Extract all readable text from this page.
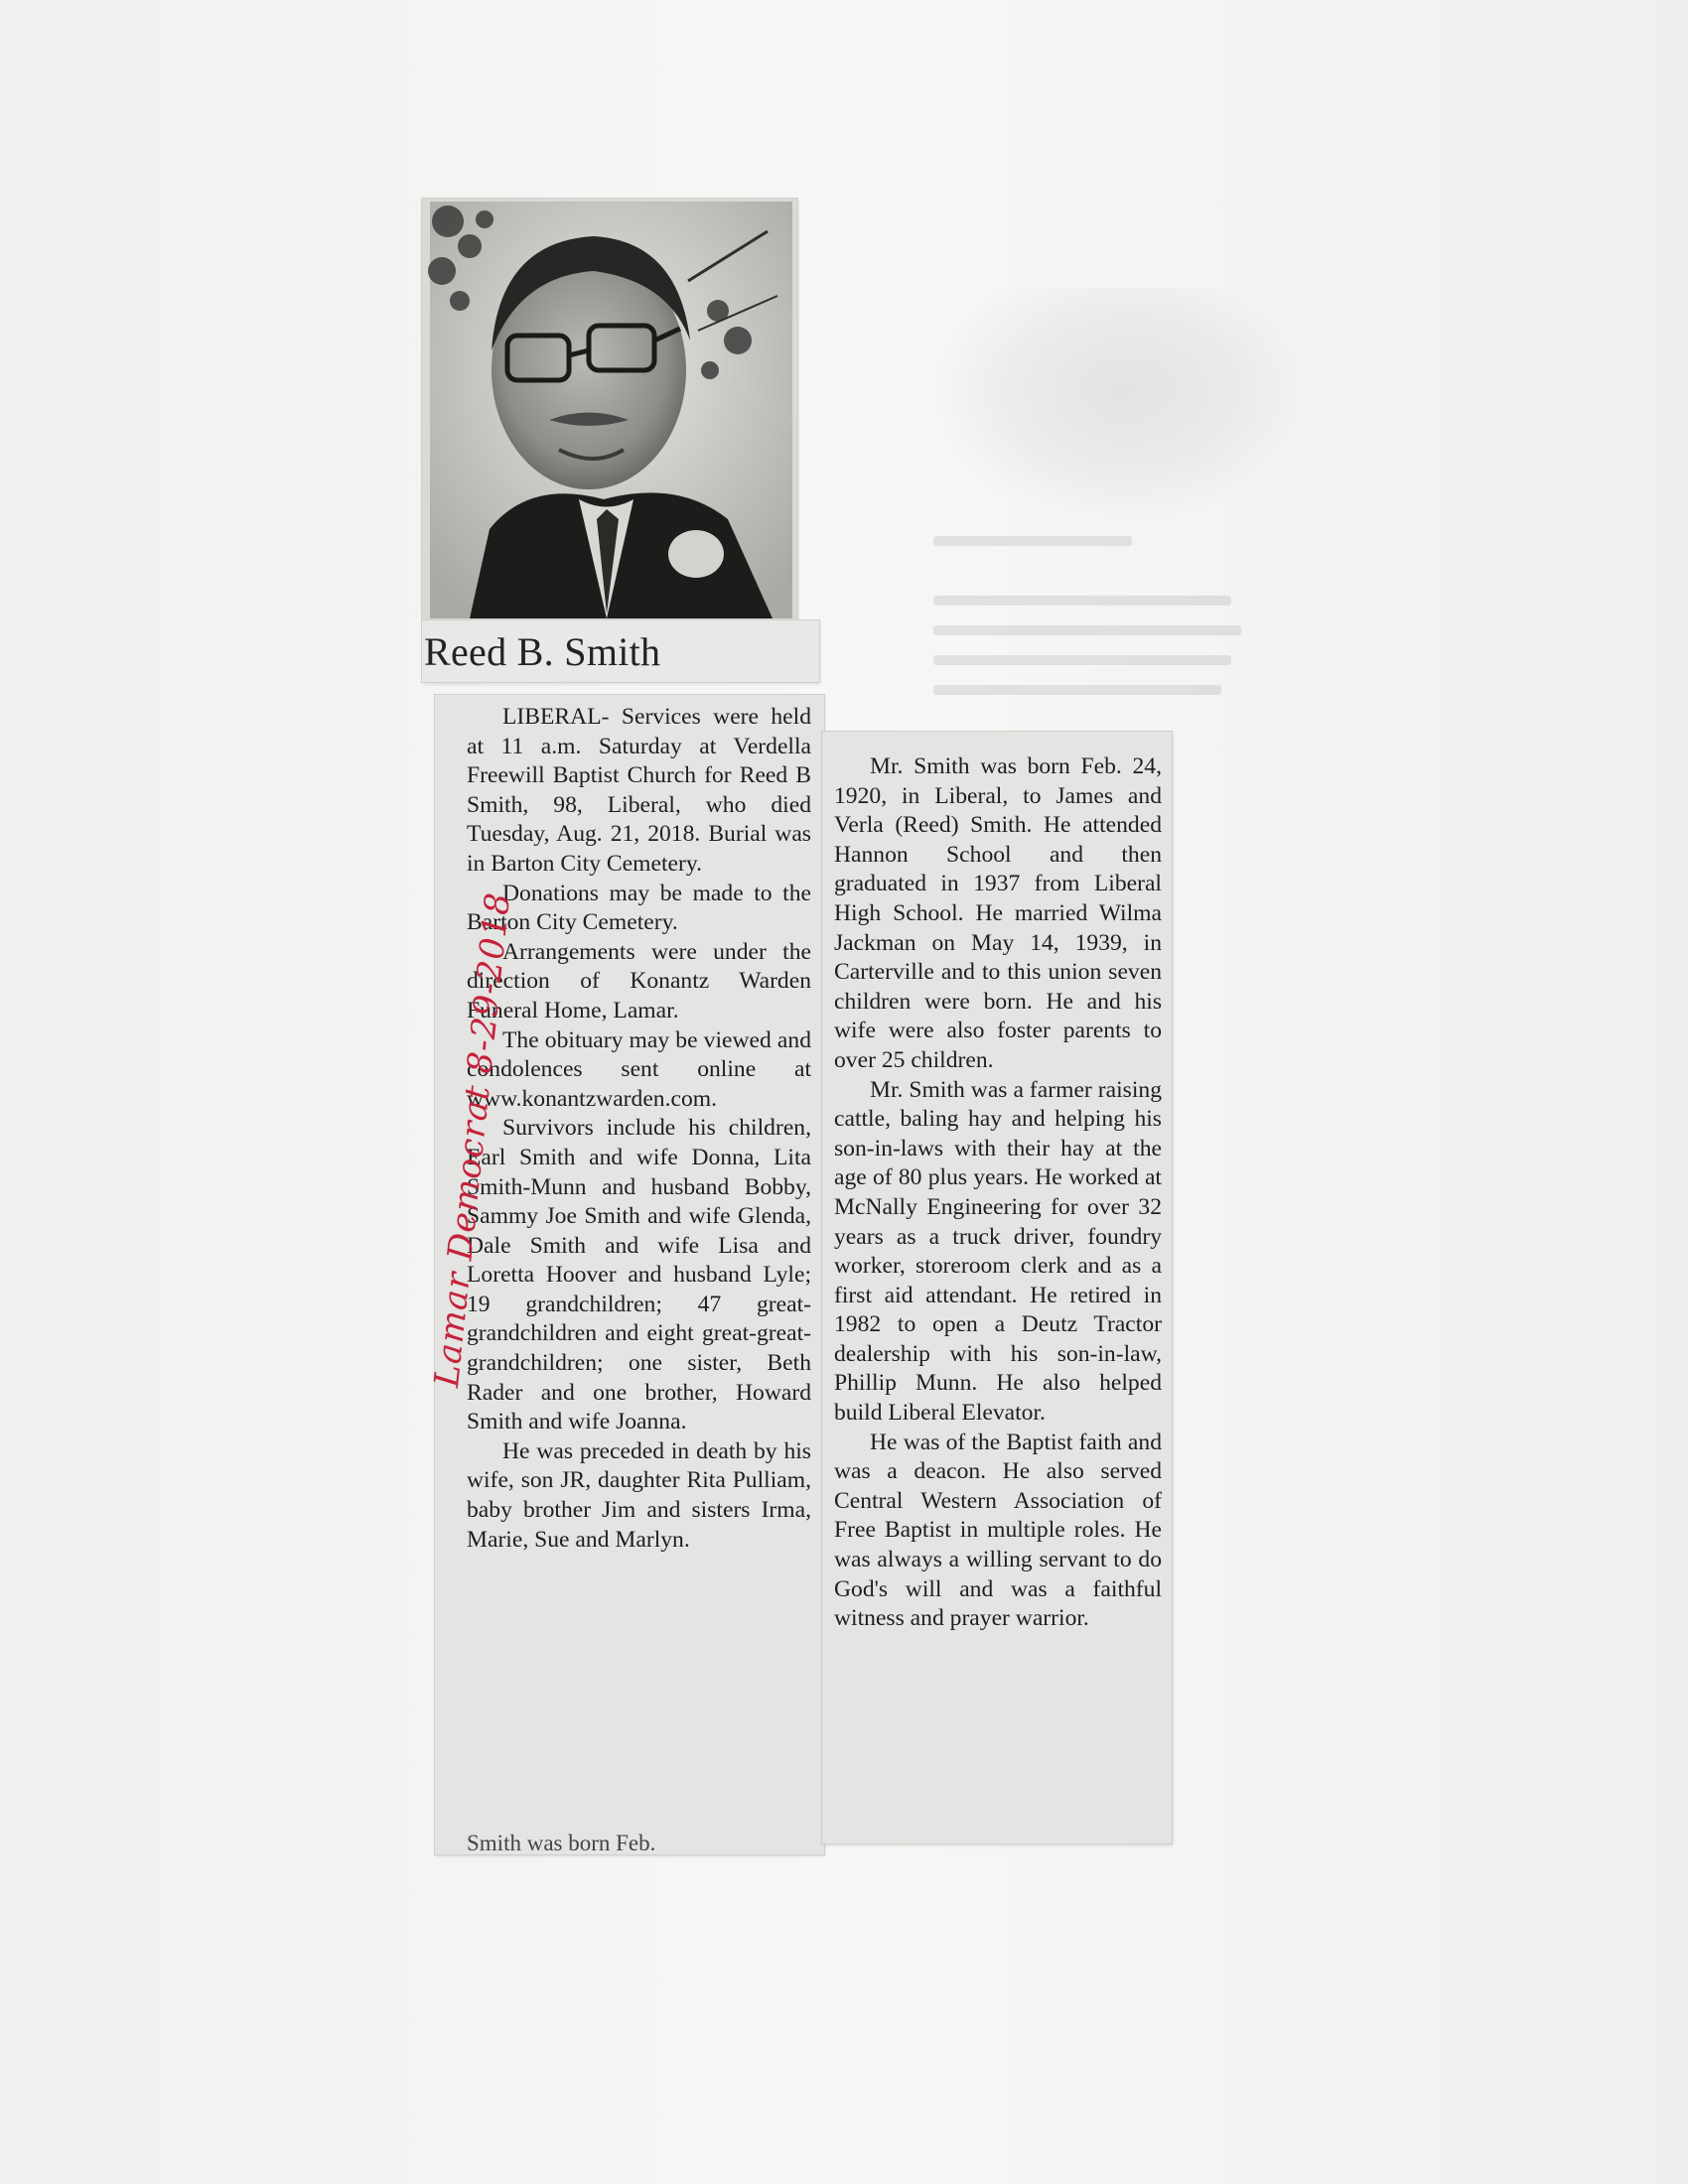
Reed B. Smith

LIBERAL- Services were held at 11 a.m. Saturday at Verdella Freewill Baptist Church for Reed B Smith, 98, Liberal, who died Tuesday, Aug. 21, 2018. Burial was in Barton City Cemetery.

Donations may be made to the Barton City Cemetery.

Arrangements were under the direction of Konantz Warden Funeral Home, Lamar.

The obituary may be viewed and condolences sent online at www.konantzwarden.com.

Survivors include his children, Earl Smith and wife Donna, Lita Smith-Munn and husband Bobby, Sammy Joe Smith and wife Glenda, Dale Smith and wife Lisa and Loretta Hoover and husband Lyle; 19 grandchildren; 47 great-grandchildren and eight great-great-grandchildren; one sister, Beth Rader and one brother, Howard Smith and wife Joanna.

He was preceded in death by his wife, son JR, daughter Rita Pulliam, baby brother Jim and sisters Irma, Marie, Sue and Marlyn.

Smith was born Feb.

Mr. Smith was born Feb. 24, 1920, in Liberal, to James and Verla (Reed) Smith. He attended Hannon School and then graduated in 1937 from Liberal High School. He married Wilma Jackman on May 14, 1939, in Carterville and to this union seven children were born. He and his wife were also foster parents to over 25 children.

Mr. Smith was a farmer raising cattle, baling hay and helping his son-in-laws with their hay at the age of 80 plus years. He worked at McNally Engineering for over 32 years as a truck driver, foundry worker, storeroom clerk and as a first aid attendant. He retired in 1982 to open a Deutz Tractor dealership with his son-in-law, Phillip Munn. He also helped build Liberal Elevator.

He was of the Baptist faith and was a deacon. He also served Central Western Association of Free Baptist in multiple roles. He was always a willing servant to do God's will and was a faithful witness and prayer warrior.

Lamar Democrat 8-29-2018
